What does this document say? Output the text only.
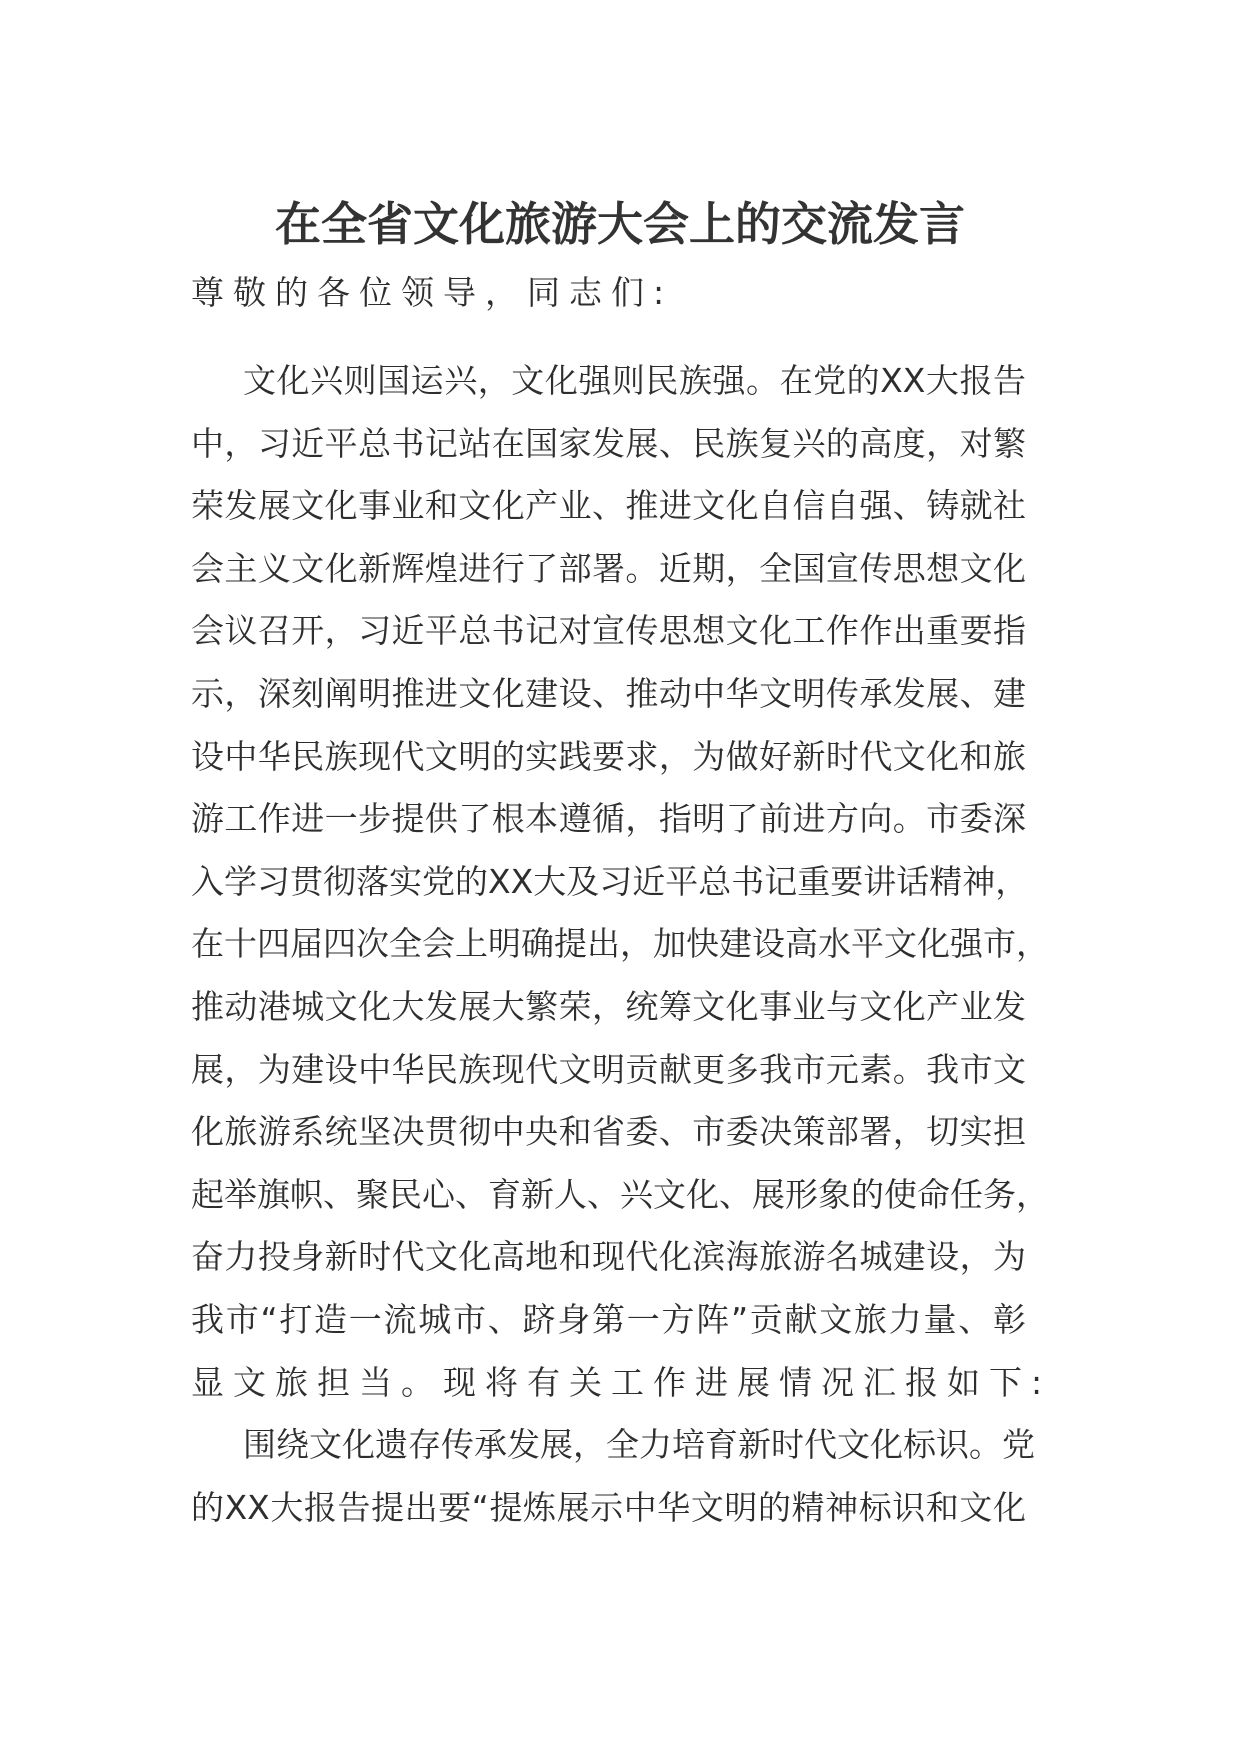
在全省文化旅游大会上的交流发言
尊敬的各位领导，同志们:
文化兴则国运兴，文化强则民族强。在党的XX大报告
中，习近平总书记站在国家发展、民族复兴的高度，对繁
荣发展文化事业和文化产业、推进文化自信自强、铸就社
会主义文化新辉煌进行了部署。近期，全国宣传思想文化
会议召开，习近平总书记对宣传思想文化工作作出重要指
示，深刻阐明推进文化建设、推动中华文明传承发展、建
设中华民族现代文明的实践要求，为做好新时代文化和旅
游工作进一步提供了根本遵循，指明了前进方向。市委深
入学习贯彻落实党的XX大及习近平总书记重要讲话精神，
在十四届四次全会上明确提出，加快建设高水平文化强市，
推动港城文化大发展大繁荣，统筹文化事业与文化产业发
展，为建设中华民族现代文明贡献更多我市元素。我市文
化旅游系统坚决贯彻中央和省委、市委决策部署，切实担
起举旗帜、聚民心、育新人、兴文化、展形象的使命任务，
奋力投身新时代文化高地和现代化滨海旅游名城建设，为
我市“打造一流城市、跻身第一方阵”贡献文旅力量、彰
显文旅担当。现将有关工作进展情况汇报如下:
围绕文化遗存传承发展，全力培育新时代文化标识。党
的XX大报告提出要“提炼展示中华文明的精神标识和文化
